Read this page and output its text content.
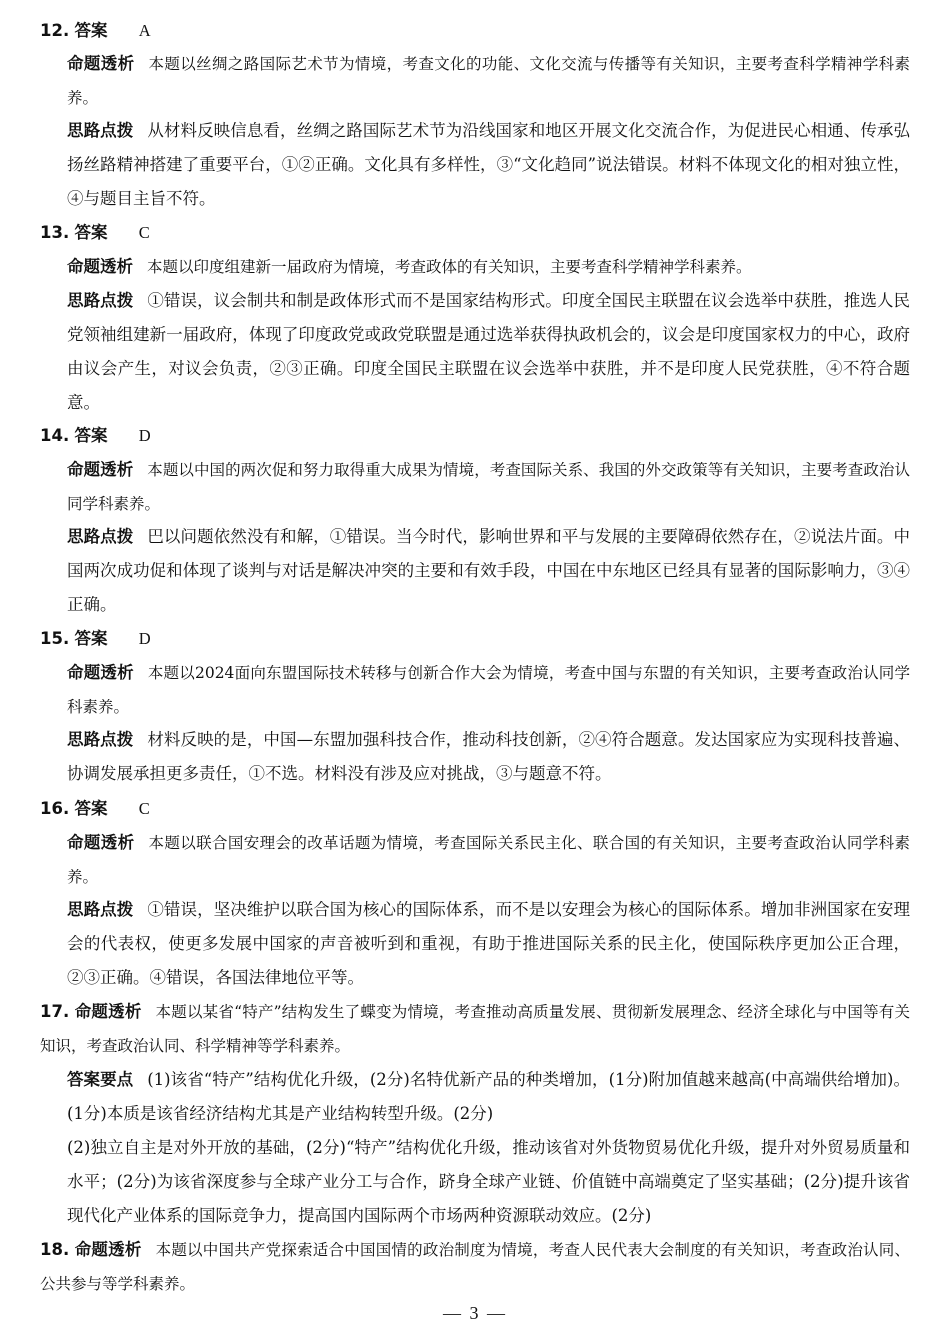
12. 答案 A

命题透析 本题以丝绸之路国际艺术节为情境，考查文化的功能、文化交流与传播等有关知识，主要考查科学精神学科素养。

思路点拨 从材料反映信息看，丝绸之路国际艺术节为沿线国家和地区开展文化交流合作，为促进民心相通、传承弘扬丝路精神搭建了重要平台，①②正确。文化具有多样性，③“文化趋同”说法错误。材料不体现文化的相对独立性，④与题目主旨不符。

13. 答案 C

命题透析 本题以印度组建新一届政府为情境，考查政体的有关知识，主要考查科学精神学科素养。

思路点拨 ①错误，议会制共和制是政体形式而不是国家结构形式。印度全国民主联盟在议会选举中获胜，推选人民党领袖组建新一届政府，体现了印度政党或政党联盟是通过选举获得执政机会的，议会是印度国家权力的中心，政府由议会产生，对议会负责，②③正确。印度全国民主联盟在议会选举中获胜，并不是印度人民党获胜，④不符合题意。

14. 答案 D

命题透析 本题以中国的两次促和努力取得重大成果为情境，考查国际关系、我国的外交政策等有关知识，主要考查政治认同学科素养。

思路点拨 巴以问题依然没有和解，①错误。当今时代，影响世界和平与发展的主要障碍依然存在，②说法片面。中国两次成功促和体现了谈判与对话是解决冲突的主要和有效手段，中国在中东地区已经具有显著的国际影响力，③④正确。

15. 答案 D

命题透析 本题以2024面向东盟国际技术转移与创新合作大会为情境，考查中国与东盟的有关知识，主要考查政治认同学科素养。

思路点拨 材料反映的是，中国—东盟加强科技合作，推动科技创新，②④符合题意。发达国家应为实现科技普遍、协调发展承担更多责任，①不选。材料没有涉及应对挑战，③与题意不符。

16. 答案 C

命题透析 本题以联合国安理会的改革话题为情境，考查国际关系民主化、联合国的有关知识，主要考查政治认同学科素养。

思路点拨 ①错误，坚决维护以联合国为核心的国际体系，而不是以安理会为核心的国际体系。增加非洲国家在安理会的代表权，使更多发展中国家的声音被听到和重视，有助于推进国际关系的民主化，使国际秩序更加公正合理，②③正确。④错误，各国法律地位平等。

17. 命题透析 本题以某省“特产”结构发生了蝶变为情境，考查推动高质量发展、贯彻新发展理念、经济全球化与中国等有关知识，考查政治认同、科学精神等学科素养。

答案要点 (1)该省“特产”结构优化升级，(2分)名特优新产品的种类增加，(1分)附加值越来越高(中高端供给增加)。(1分)本质是该省经济结构尤其是产业结构转型升级。(2分)

(2)独立自主是对外开放的基础，(2分)“特产”结构优化升级，推动该省对外货物贸易优化升级，提升对外贸易质量和水平；(2分)为该省深度参与全球产业分工与合作，跻身全球产业链、价值链中高端奠定了坚实基础；(2分)提升该省现代化产业体系的国际竞争力，提高国内国际两个市场两种资源联动效应。(2分)

18. 命题透析 本题以中国共产党探索适合中国国情的政治制度为情境，考查人民代表大会制度的有关知识，考查政治认同、公共参与等学科素养。

— 3 —
